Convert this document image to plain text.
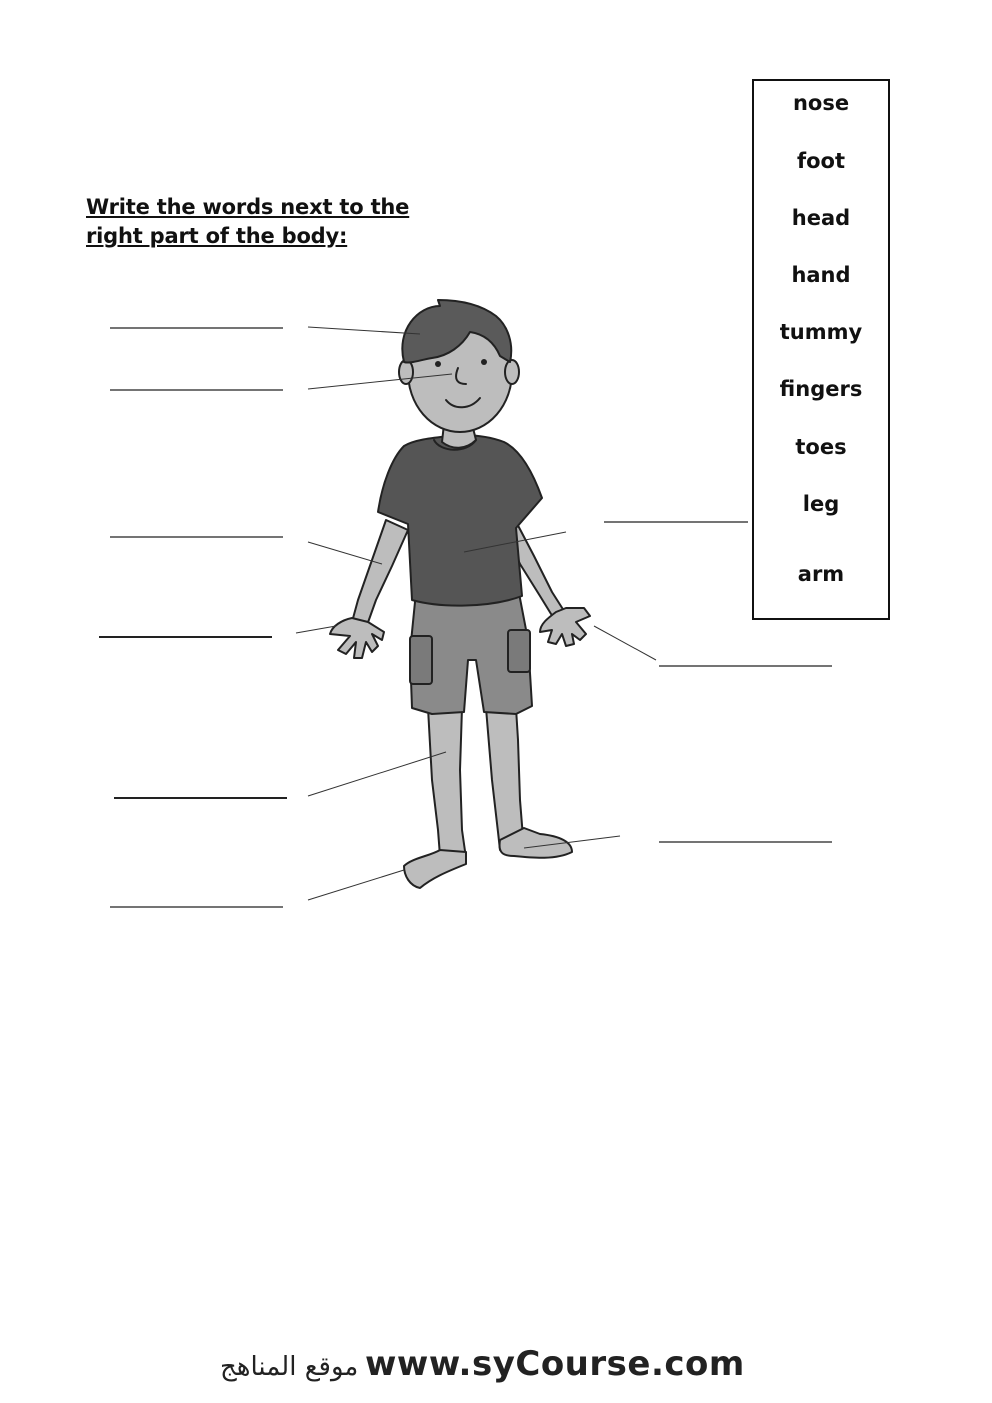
Write the words next to the
right part of the body:
nose
foot
head
hand
tummy
fingers
toes
leg
arm
www.syCourse.com
موقع المناهج
